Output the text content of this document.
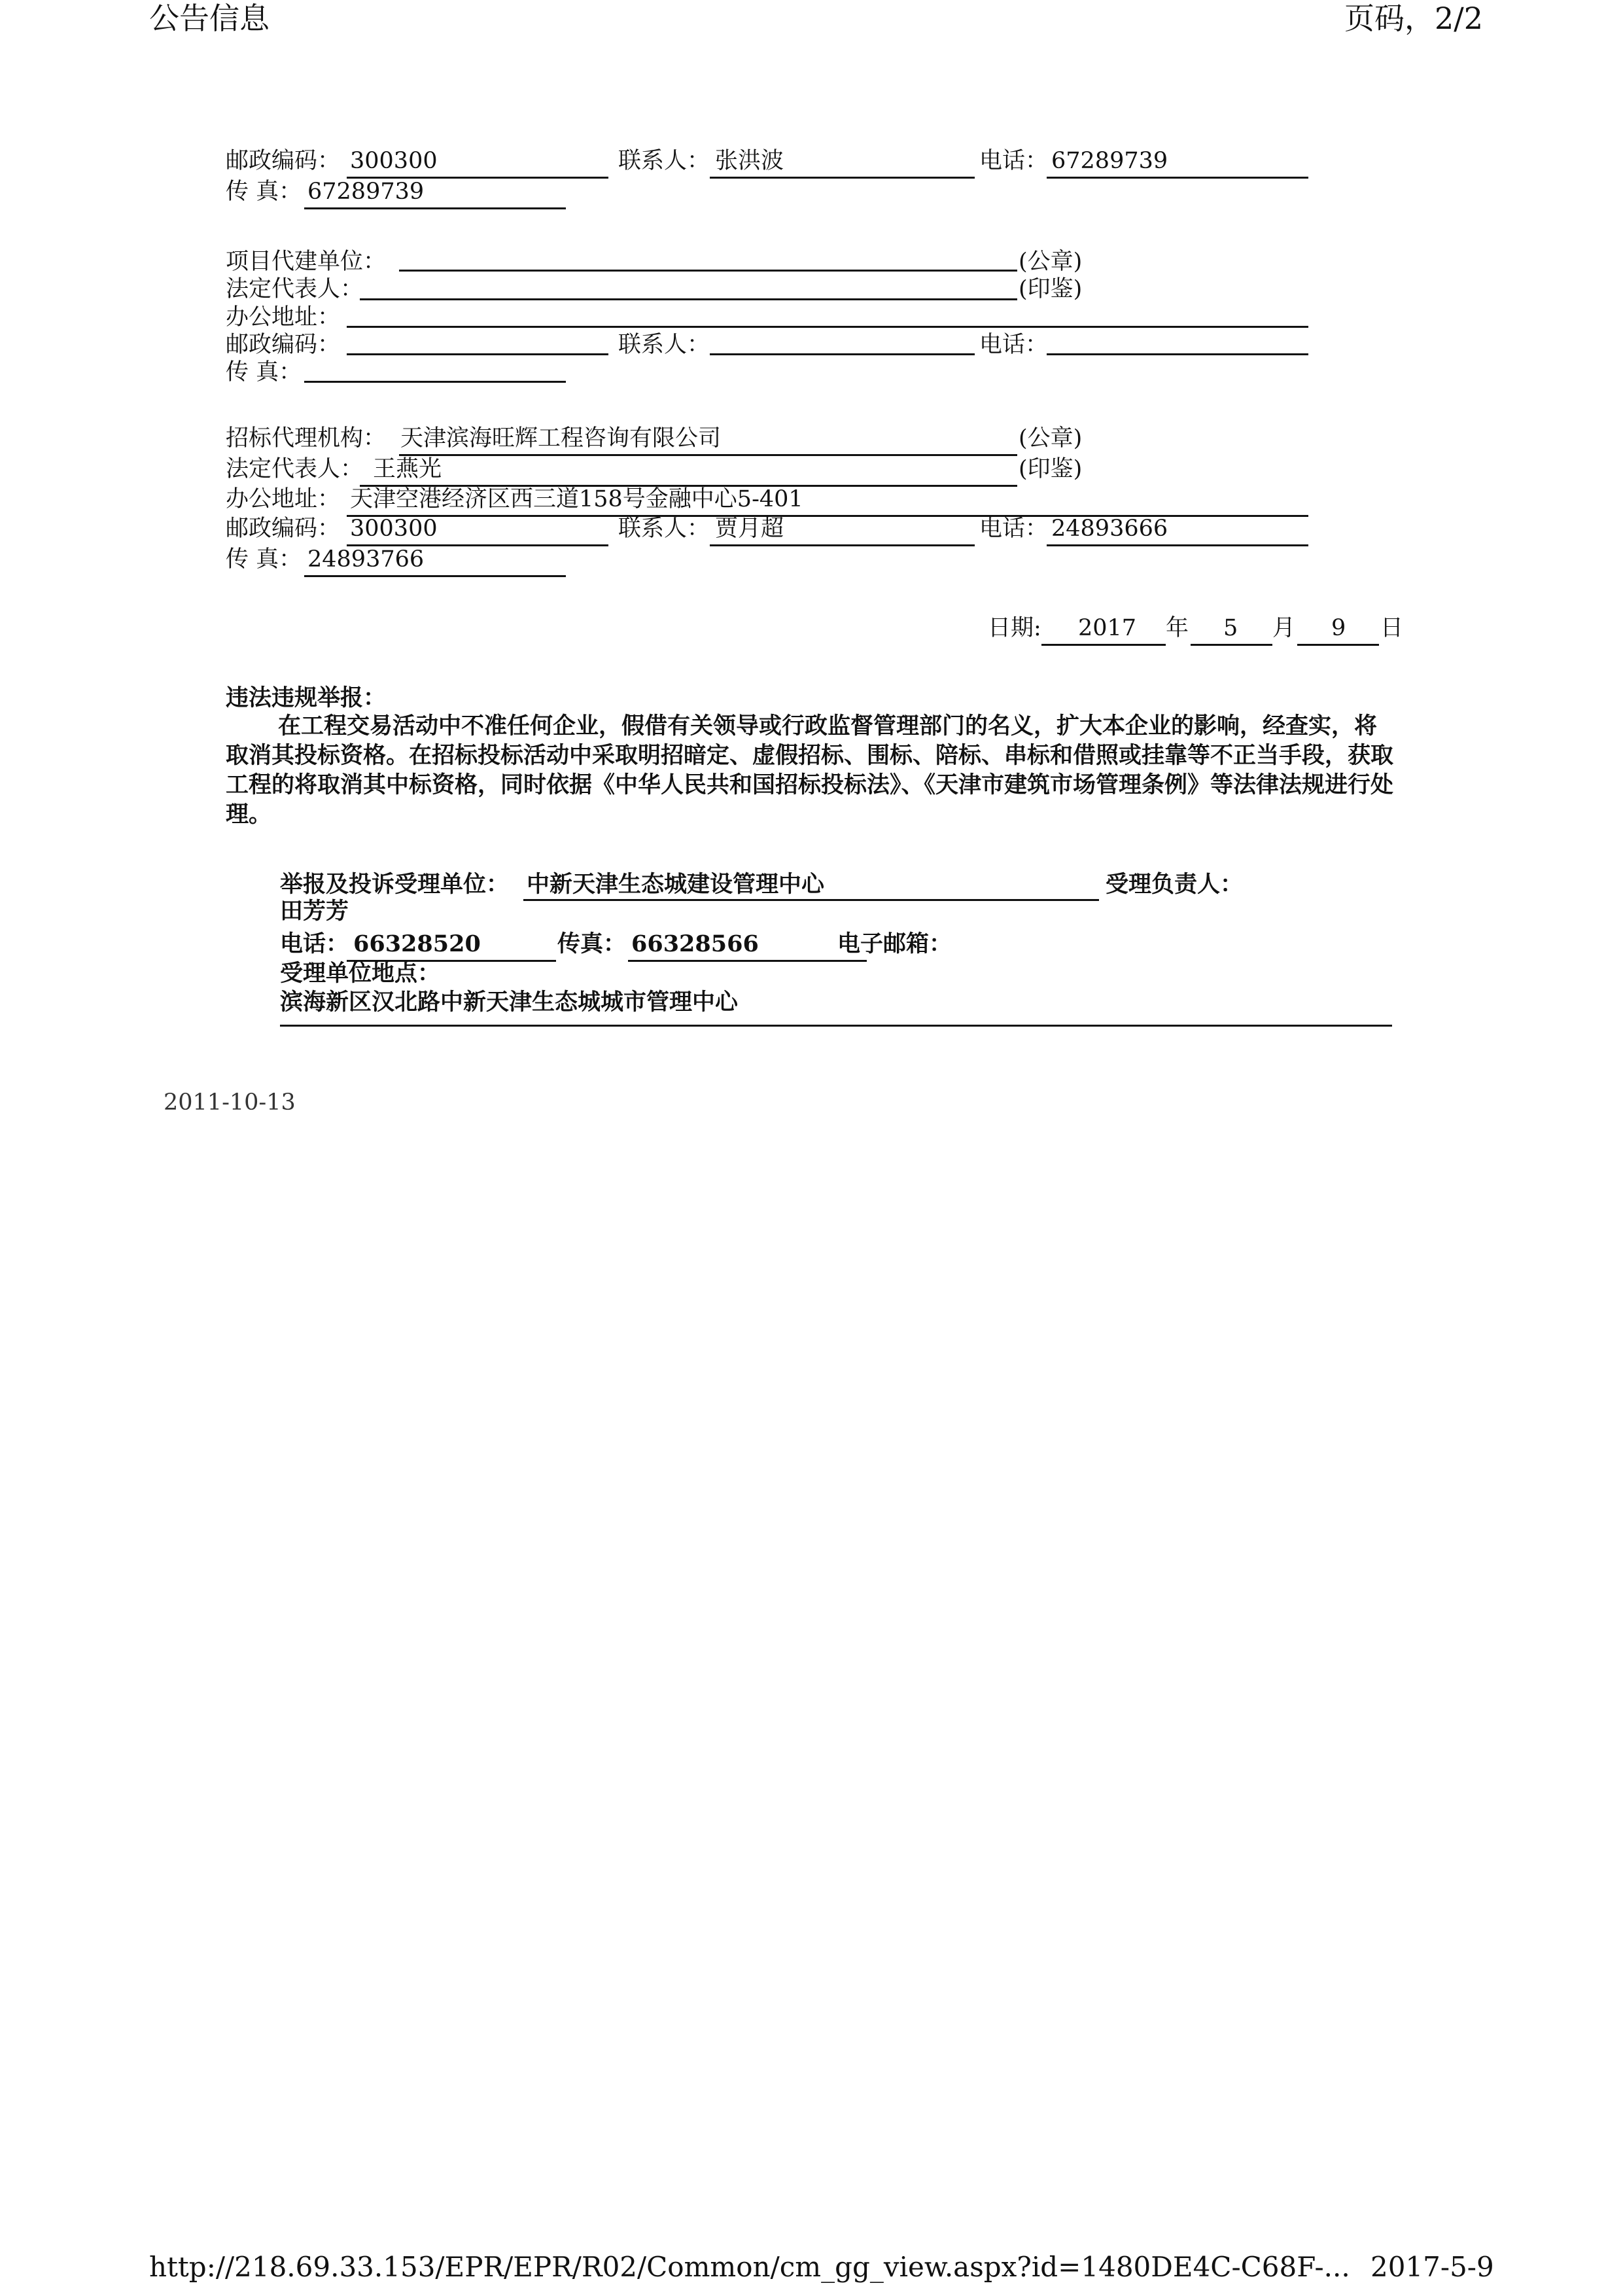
公告信息	页码，2/2
邮政编码： 300300	联系人： 张洪波	电话： 67289739
传 真： 67289739
项目代建单位：	(公章)
法定代表人：	(印鉴)
办公地址：
邮政编码：	联系人：	电话：
传 真：
招标代理机构： 天津滨海旺辉工程咨询有限公司	(公章)
法定代表人： 王燕光	(印鉴)
办公地址： 天津空港经济区西三道158号金融中心5-401
邮政编码： 300300	联系人： 贾月超	电话： 24893666
传 真： 24893766
日期: 2017 年 5 月 9 日
违法违规举报：
在工程交易活动中不准任何企业，假借有关领导或行政监督管理部门的名义，扩大本企业的影响，经查实，将取消其投标资格。在招标投标活动中采取明招暗定、虚假招标、围标、陪标、串标和借照或挂靠等不正当手段，获取工程的将取消其中标资格，同时依据《中华人民共和国招标投标法》、《天津市建筑市场管理条例》等法律法规进行处理。
举报及投诉受理单位： 中新天津生态城建设管理中心	受理负责人：
田芳芳
电话： 66328520	传真： 66328566	电子邮箱：
受理单位地点：
滨海新区汉北路中新天津生态城城市管理中心
2011-10-13
http://218.69.33.153/EPR/EPR/R02/Common/cm_gg_view.aspx?id=1480DE4C-C68F-... 2017-5-9
